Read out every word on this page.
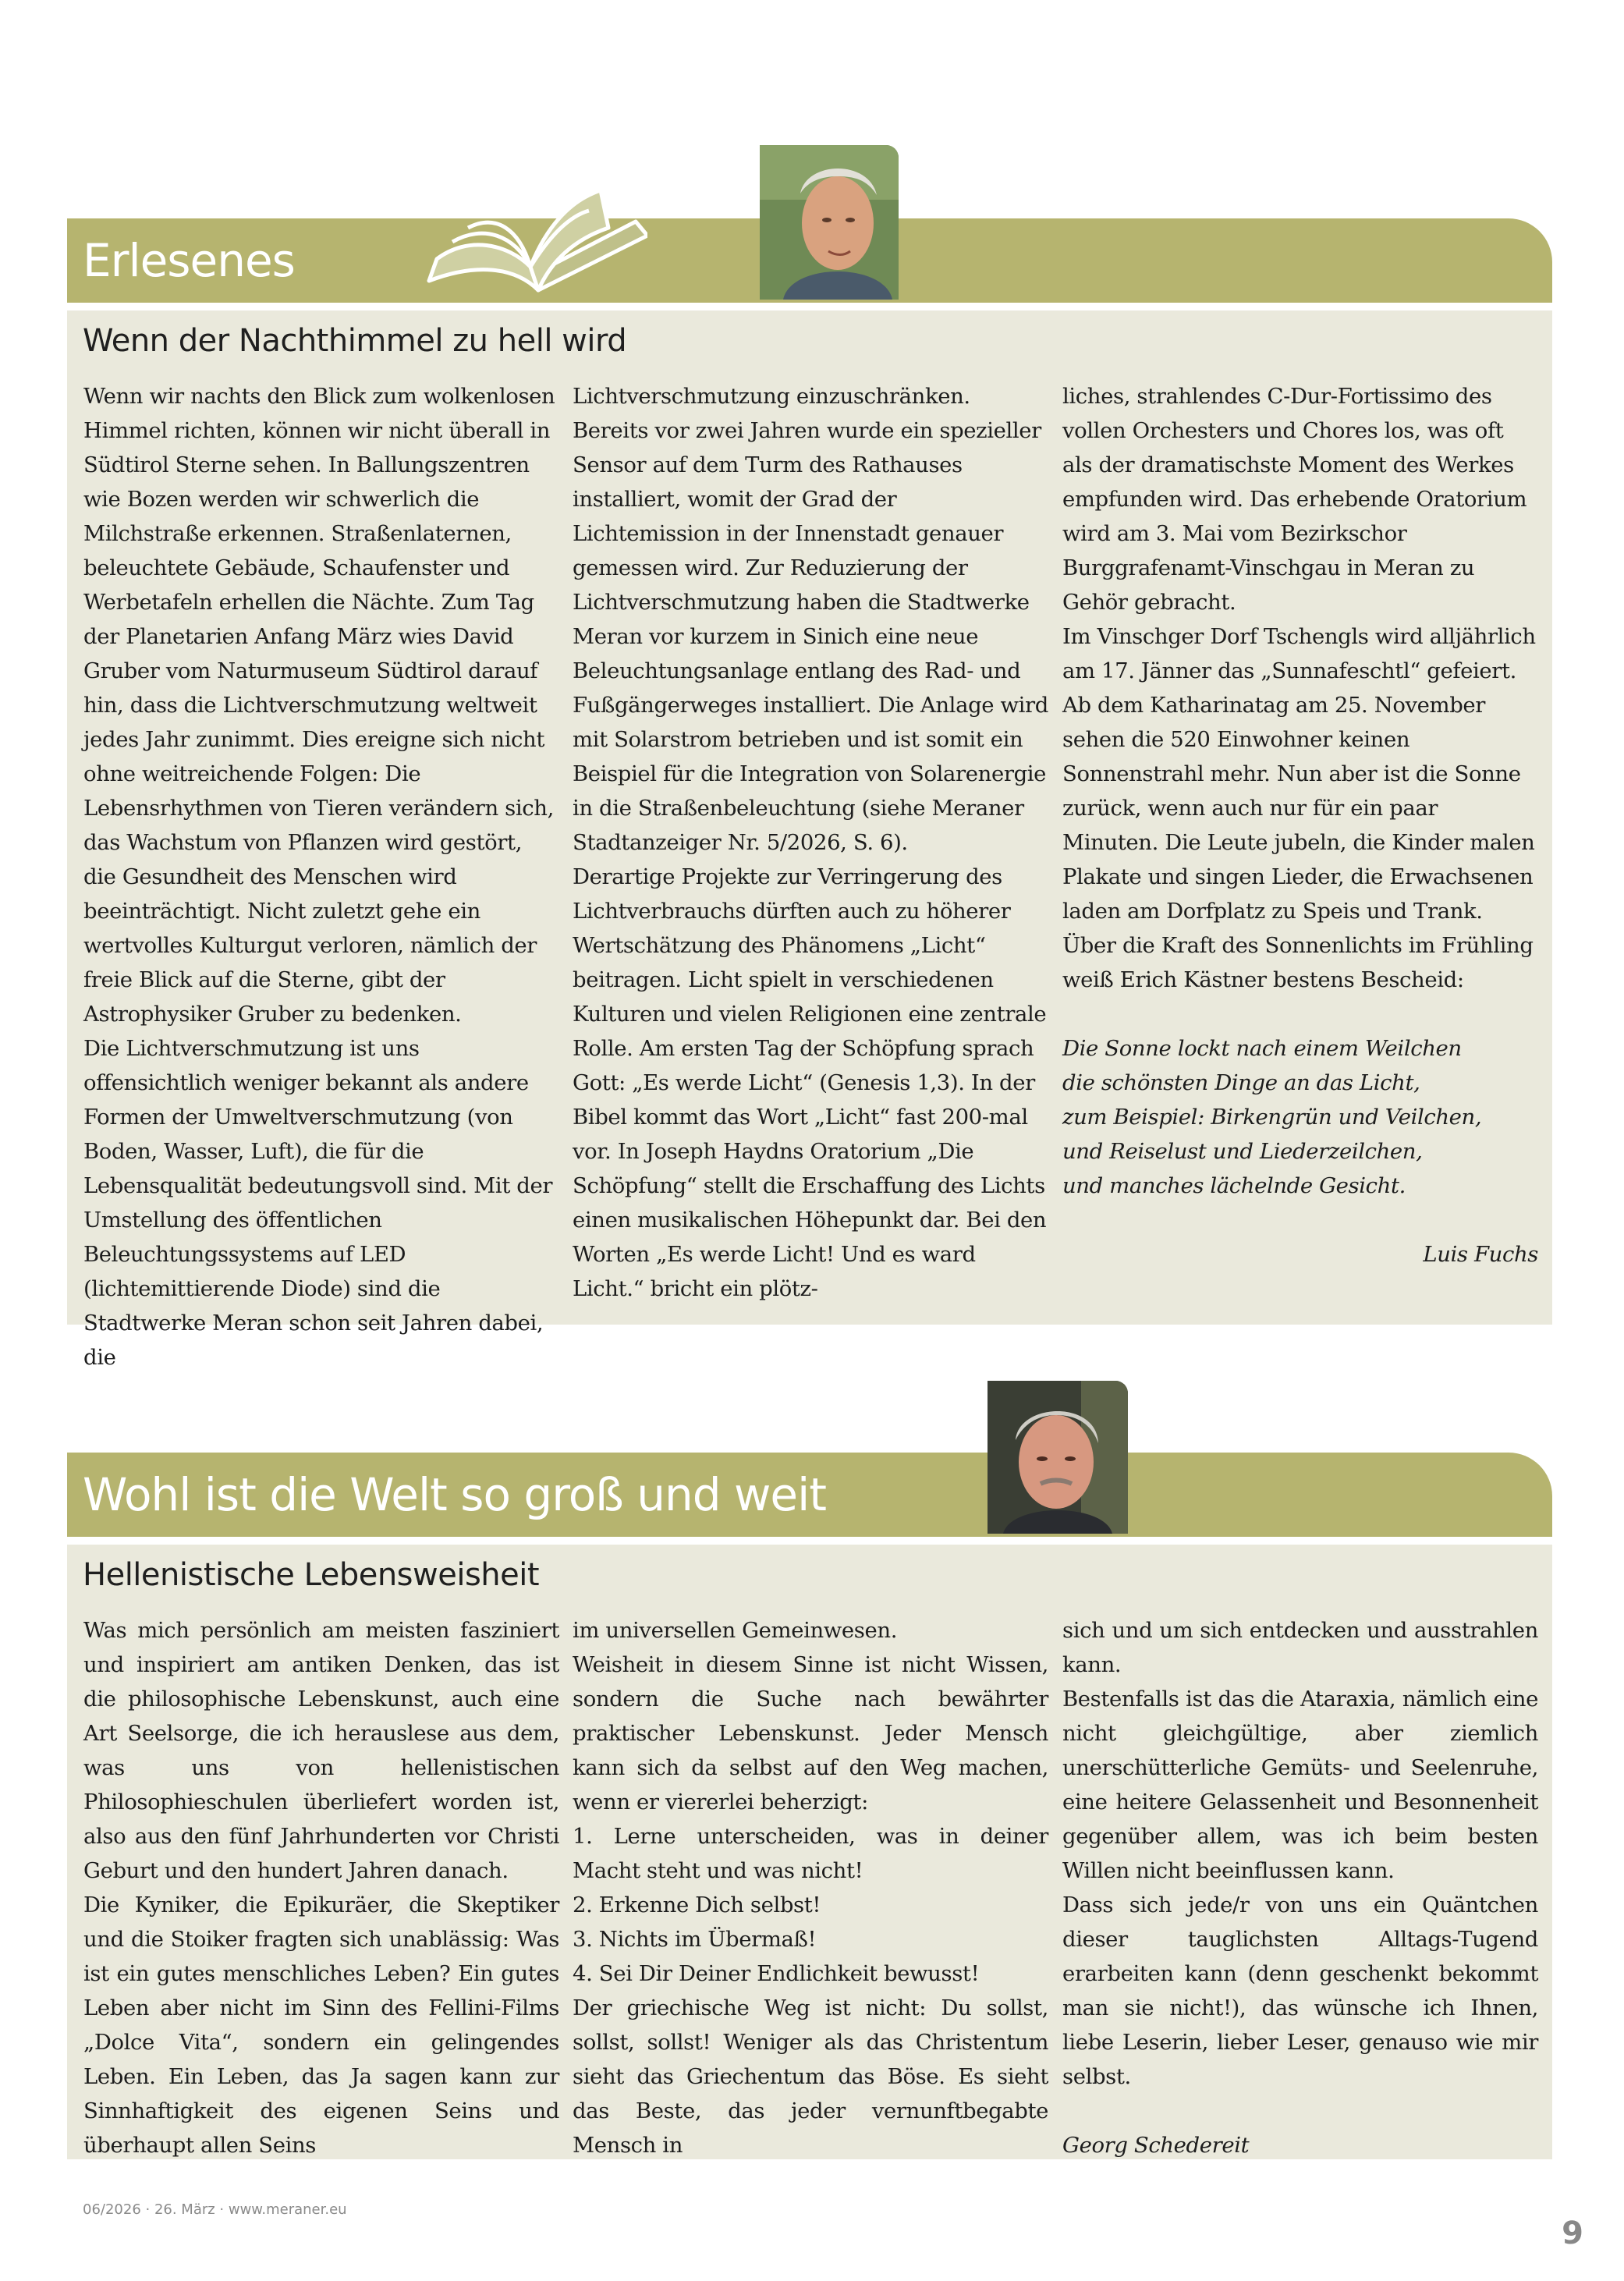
Erlesenes
Wenn der Nachthimmel zu hell wird

Wenn wir nachts den Blick zum wolkenlosen Himmel richten, können wir nicht überall in Südtirol Sterne sehen. In Ballungszentren wie Bozen werden wir schwerlich die Milchstraße erkennen. Straßenlaternen, beleuchtete Gebäude, Schaufenster und Werbetafeln erhellen die Nächte. Zum Tag der Planetarien Anfang März wies David Gruber vom Naturmuseum Südtirol darauf hin, dass die Lichtverschmutzung weltweit jedes Jahr zunimmt. Dies ereigne sich nicht ohne weitreichende Folgen: Die Lebensrhythmen von Tieren verändern sich, das Wachstum von Pflanzen wird gestört, die Gesundheit des Menschen wird beeinträchtigt. Nicht zuletzt gehe ein wertvolles Kulturgut verloren, nämlich der freie Blick auf die Sterne, gibt der Astrophysiker Gruber zu bedenken.

Die Lichtverschmutzung ist uns offensichtlich weniger bekannt als andere Formen der Umweltverschmutzung (von Boden, Wasser, Luft), die für die Lebensqualität bedeutungsvoll sind. Mit der Umstellung des öffentlichen Beleuchtungssystems auf LED (lichtemittierende Diode) sind die Stadtwerke Meran schon seit Jahren dabei, die

Lichtverschmutzung einzuschränken. Bereits vor zwei Jahren wurde ein spezieller Sensor auf dem Turm des Rathauses installiert, womit der Grad der Lichtemission in der Innenstadt genauer gemessen wird. Zur Reduzierung der Lichtverschmutzung haben die Stadtwerke Meran vor kurzem in Sinich eine neue Beleuchtungsanlage entlang des Rad- und Fußgängerweges installiert. Die Anlage wird mit Solarstrom betrieben und ist somit ein Beispiel für die Integration von Solarenergie in die Straßenbeleuchtung (siehe Meraner Stadtanzeiger Nr. 5/2026, S. 6).

Derartige Projekte zur Verringerung des Lichtverbrauchs dürften auch zu höherer Wertschätzung des Phänomens „Licht“ beitragen. Licht spielt in verschiedenen Kulturen und vielen Religionen eine zentrale Rolle. Am ersten Tag der Schöpfung sprach Gott: „Es werde Licht“ (Genesis 1,3). In der Bibel kommt das Wort „Licht“ fast 200-mal vor. In Joseph Haydns Oratorium „Die Schöpfung“ stellt die Erschaffung des Lichts einen musikalischen Höhepunkt dar. Bei den Worten „Es werde Licht! Und es ward Licht.“ bricht ein plötz-

liches, strahlendes C-Dur-Fortissimo des vollen Orchesters und Chores los, was oft als der dramatischste Moment des Werkes empfunden wird. Das erhebende Oratorium wird am 3. Mai vom Bezirkschor Burggrafenamt-Vinschgau in Meran zu Gehör gebracht.

Im Vinschger Dorf Tschengls wird alljährlich am 17. Jänner das „Sunnafeschtl“ gefeiert. Ab dem Katharinatag am 25. November sehen die 520 Einwohner keinen Sonnenstrahl mehr. Nun aber ist die Sonne zurück, wenn auch nur für ein paar Minuten. Die Leute jubeln, die Kinder malen Plakate und singen Lieder, die Erwachsenen laden am Dorfplatz zu Speis und Trank.

Über die Kraft des Sonnenlichts im Frühling weiß Erich Kästner bestens Bescheid:

Die Sonne lockt nach einem Weilchen

die schönsten Dinge an das Licht,

zum Beispiel: Birkengrün und Veilchen,

und Reiselust und Liederzeilchen,

und manches lächelnde Gesicht.

Luis Fuchs

Wohl ist die Welt so groß und weit
Hellenistische Lebensweisheit

Was mich persönlich am meisten fasziniert und inspiriert am antiken Denken, das ist die philosophische Lebenskunst, auch eine Art Seelsorge, die ich herauslese aus dem, was uns von hellenistischen Philosophieschulen überliefert worden ist, also aus den fünf Jahrhunderten vor Christi Geburt und den hundert Jahren danach.

Die Kyniker, die Epikuräer, die Skeptiker und die Stoiker fragten sich unablässig: Was ist ein gutes menschliches Leben? Ein gutes Leben aber nicht im Sinn des Fellini-Films „Dolce Vita“, sondern ein gelingendes Leben. Ein Leben, das Ja sagen kann zur Sinnhaftigkeit des eigenen Seins und überhaupt allen Seins

im universellen Gemeinwesen.

Weisheit in diesem Sinne ist nicht Wissen, sondern die Suche nach bewährter praktischer Lebenskunst. Jeder Mensch kann sich da selbst auf den Weg machen, wenn er viererlei beherzigt:

1. Lerne unterscheiden, was in deiner Macht steht und was nicht!

2. Erkenne Dich selbst!

3. Nichts im Übermaß!

4. Sei Dir Deiner Endlichkeit bewusst!

Der griechische Weg ist nicht: Du sollst, sollst, sollst! Weniger als das Christentum sieht das Griechentum das Böse. Es sieht das Beste, das jeder vernunftbegabte Mensch in

sich und um sich entdecken und ausstrahlen kann.

Bestenfalls ist das die Ataraxia, nämlich eine nicht gleichgültige, aber ziemlich unerschütterliche Gemüts- und Seelenruhe, eine heitere Gelassenheit und Besonnenheit gegenüber allem, was ich beim besten Willen nicht beeinflussen kann.

Dass sich jede/r von uns ein Quäntchen dieser tauglichsten Alltags-Tugend erarbeiten kann (denn geschenkt bekommt man sie nicht!), das wünsche ich Ihnen, liebe Leserin, lieber Leser, genauso wie mir selbst.

Georg Schedereit

06/2026 · 26. März · www.meraner.eu
9
